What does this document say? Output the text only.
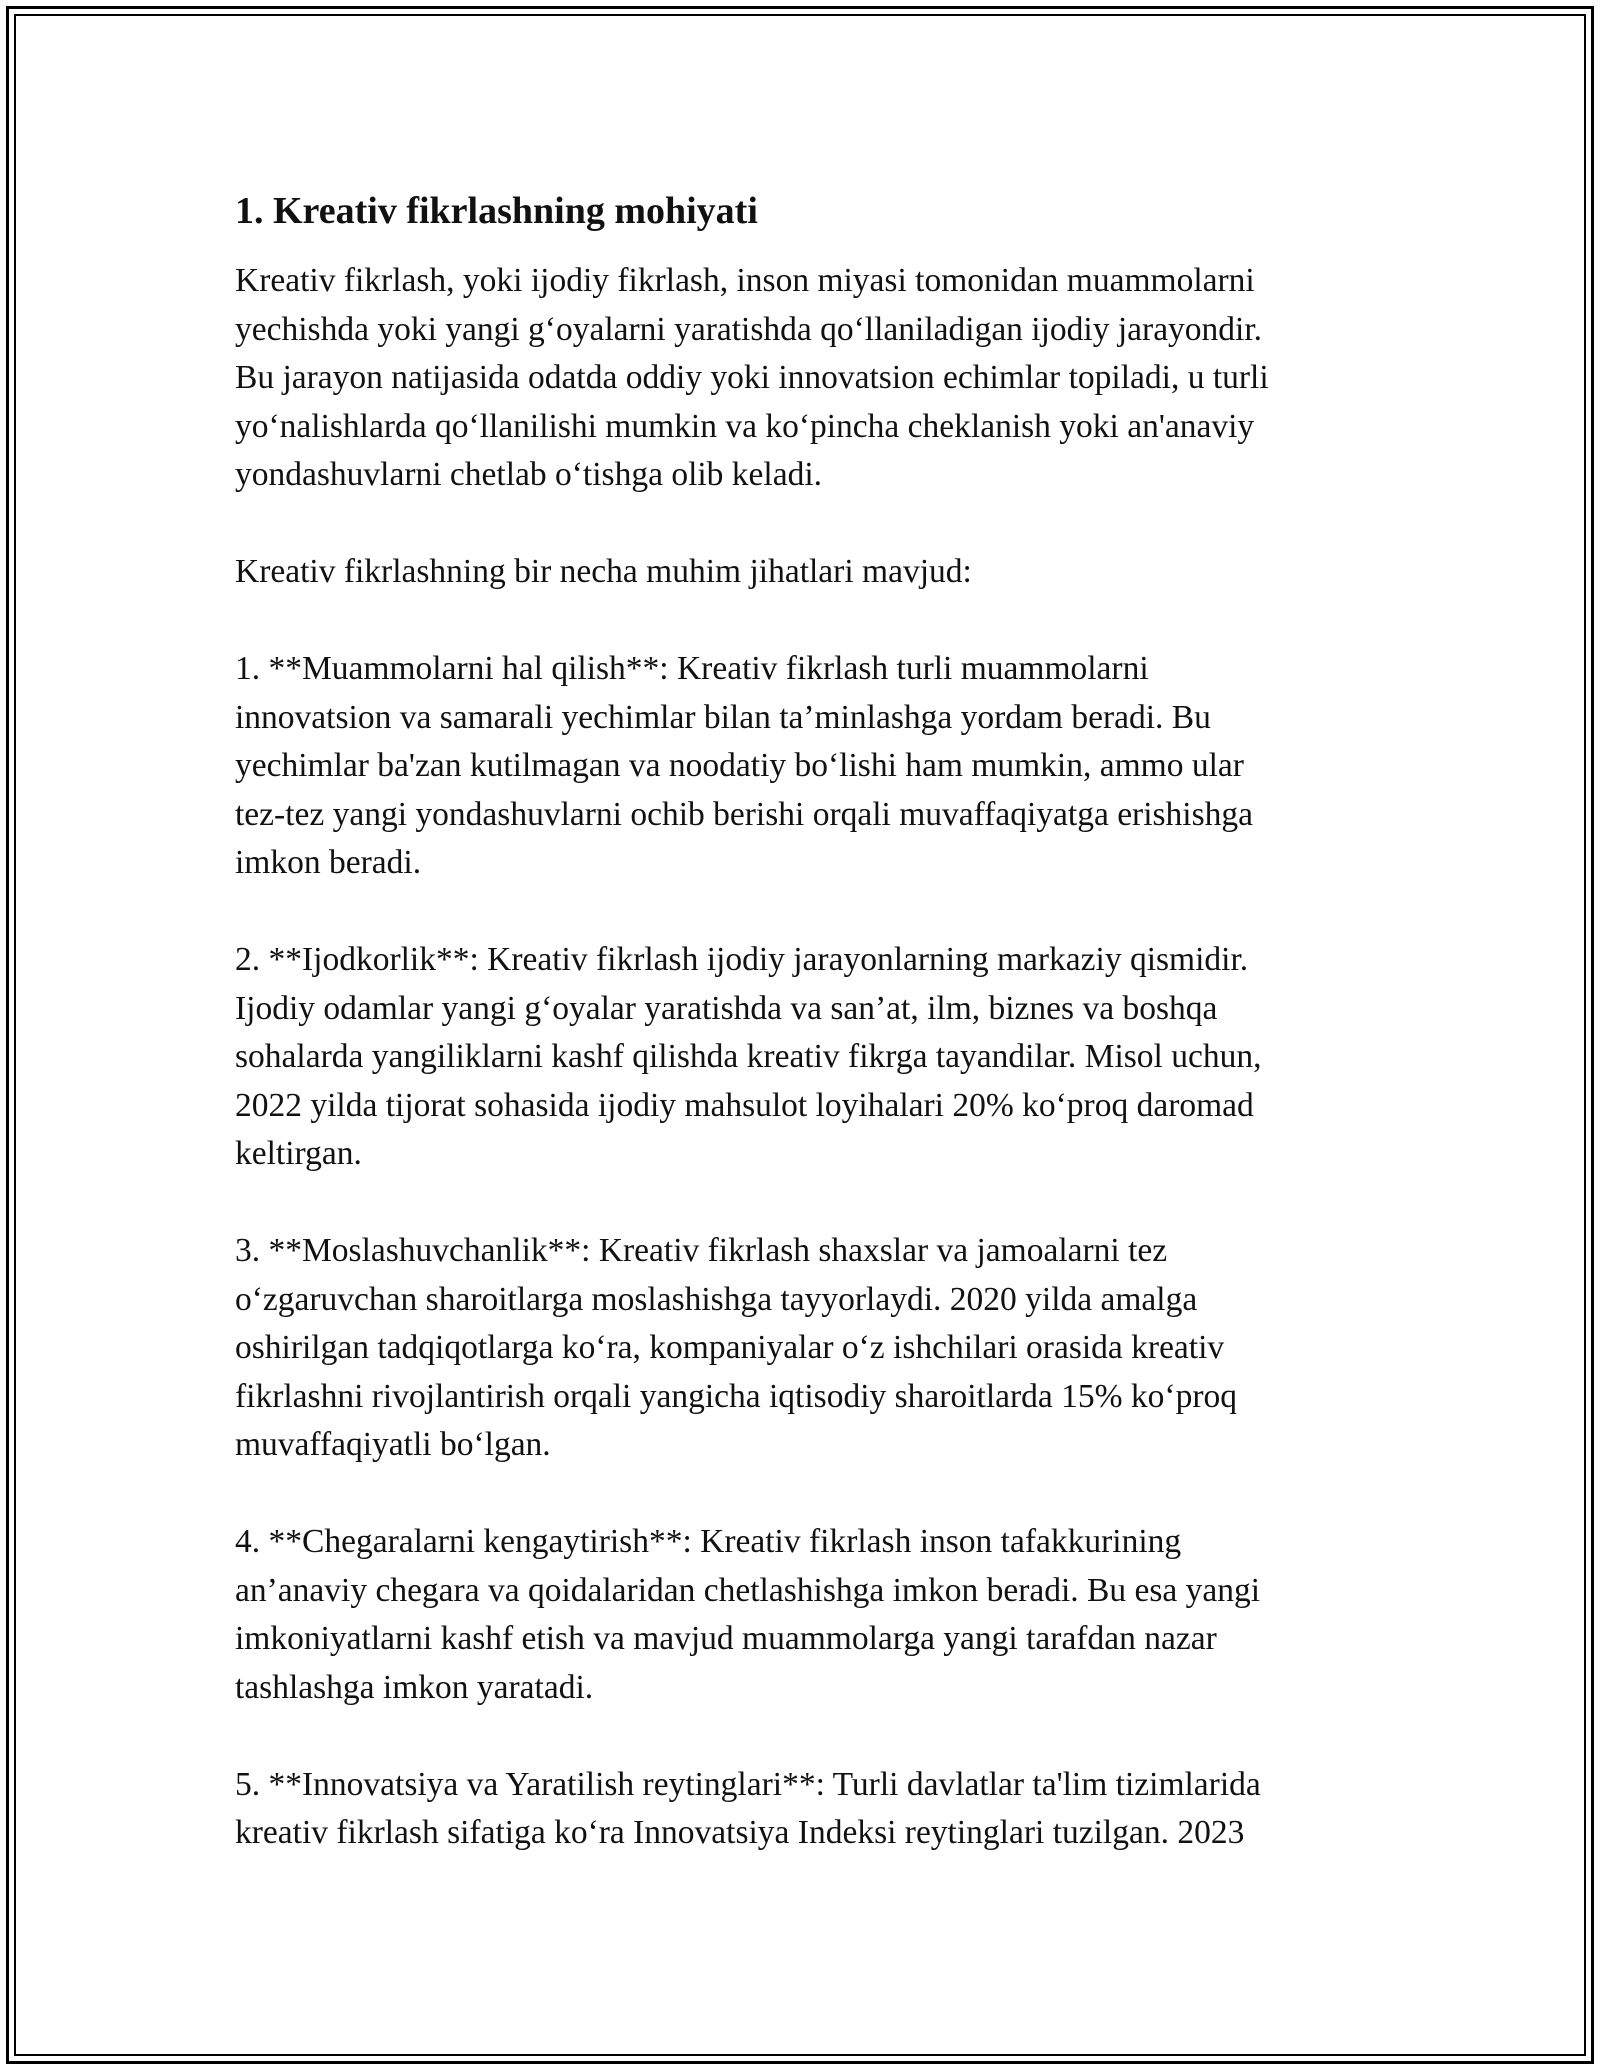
1. Kreativ fikrlashning mohiyati
Kreativ fikrlash, yoki ijodiy fikrlash, inson miyasi tomonidan muammolarni
yechishda yoki yangi g‘oyalarni yaratishda qo‘llaniladigan ijodiy jarayondir.
Bu jarayon natijasida odatda oddiy yoki innovatsion echimlar topiladi, u turli
yo‘nalishlarda qo‘llanilishi mumkin va ko‘pincha cheklanish yoki an'anaviy
yondashuvlarni chetlab o‘tishga olib keladi.
Kreativ fikrlashning bir necha muhim jihatlari mavjud:
1. **Muammolarni hal qilish**: Kreativ fikrlash turli muammolarni
innovatsion va samarali yechimlar bilan ta’minlashga yordam beradi. Bu
yechimlar ba'zan kutilmagan va noodatiy bo‘lishi ham mumkin, ammo ular
tez-tez yangi yondashuvlarni ochib berishi orqali muvaffaqiyatga erishishga
imkon beradi.
2. **Ijodkorlik**: Kreativ fikrlash ijodiy jarayonlarning markaziy qismidir.
Ijodiy odamlar yangi g‘oyalar yaratishda va san’at, ilm, biznes va boshqa
sohalarda yangiliklarni kashf qilishda kreativ fikrga tayandilar. Misol uchun,
2022 yilda tijorat sohasida ijodiy mahsulot loyihalari 20% ko‘proq daromad
keltirgan.
3. **Moslashuvchanlik**: Kreativ fikrlash shaxslar va jamoalarni tez
o‘zgaruvchan sharoitlarga moslashishga tayyorlaydi. 2020 yilda amalga
oshirilgan tadqiqotlarga ko‘ra, kompaniyalar o‘z ishchilari orasida kreativ
fikrlashni rivojlantirish orqali yangicha iqtisodiy sharoitlarda 15% ko‘proq
muvaffaqiyatli bo‘lgan.
4. **Chegaralarni kengaytirish**: Kreativ fikrlash inson tafakkurining
an’anaviy chegara va qoidalaridan chetlashishga imkon beradi. Bu esa yangi
imkoniyatlarni kashf etish va mavjud muammolarga yangi tarafdan nazar
tashlashga imkon yaratadi.
5. **Innovatsiya va Yaratilish reytinglari**: Turli davlatlar ta'lim tizimlarida
kreativ fikrlash sifatiga ko‘ra Innovatsiya Indeksi reytinglari tuzilgan. 2023
